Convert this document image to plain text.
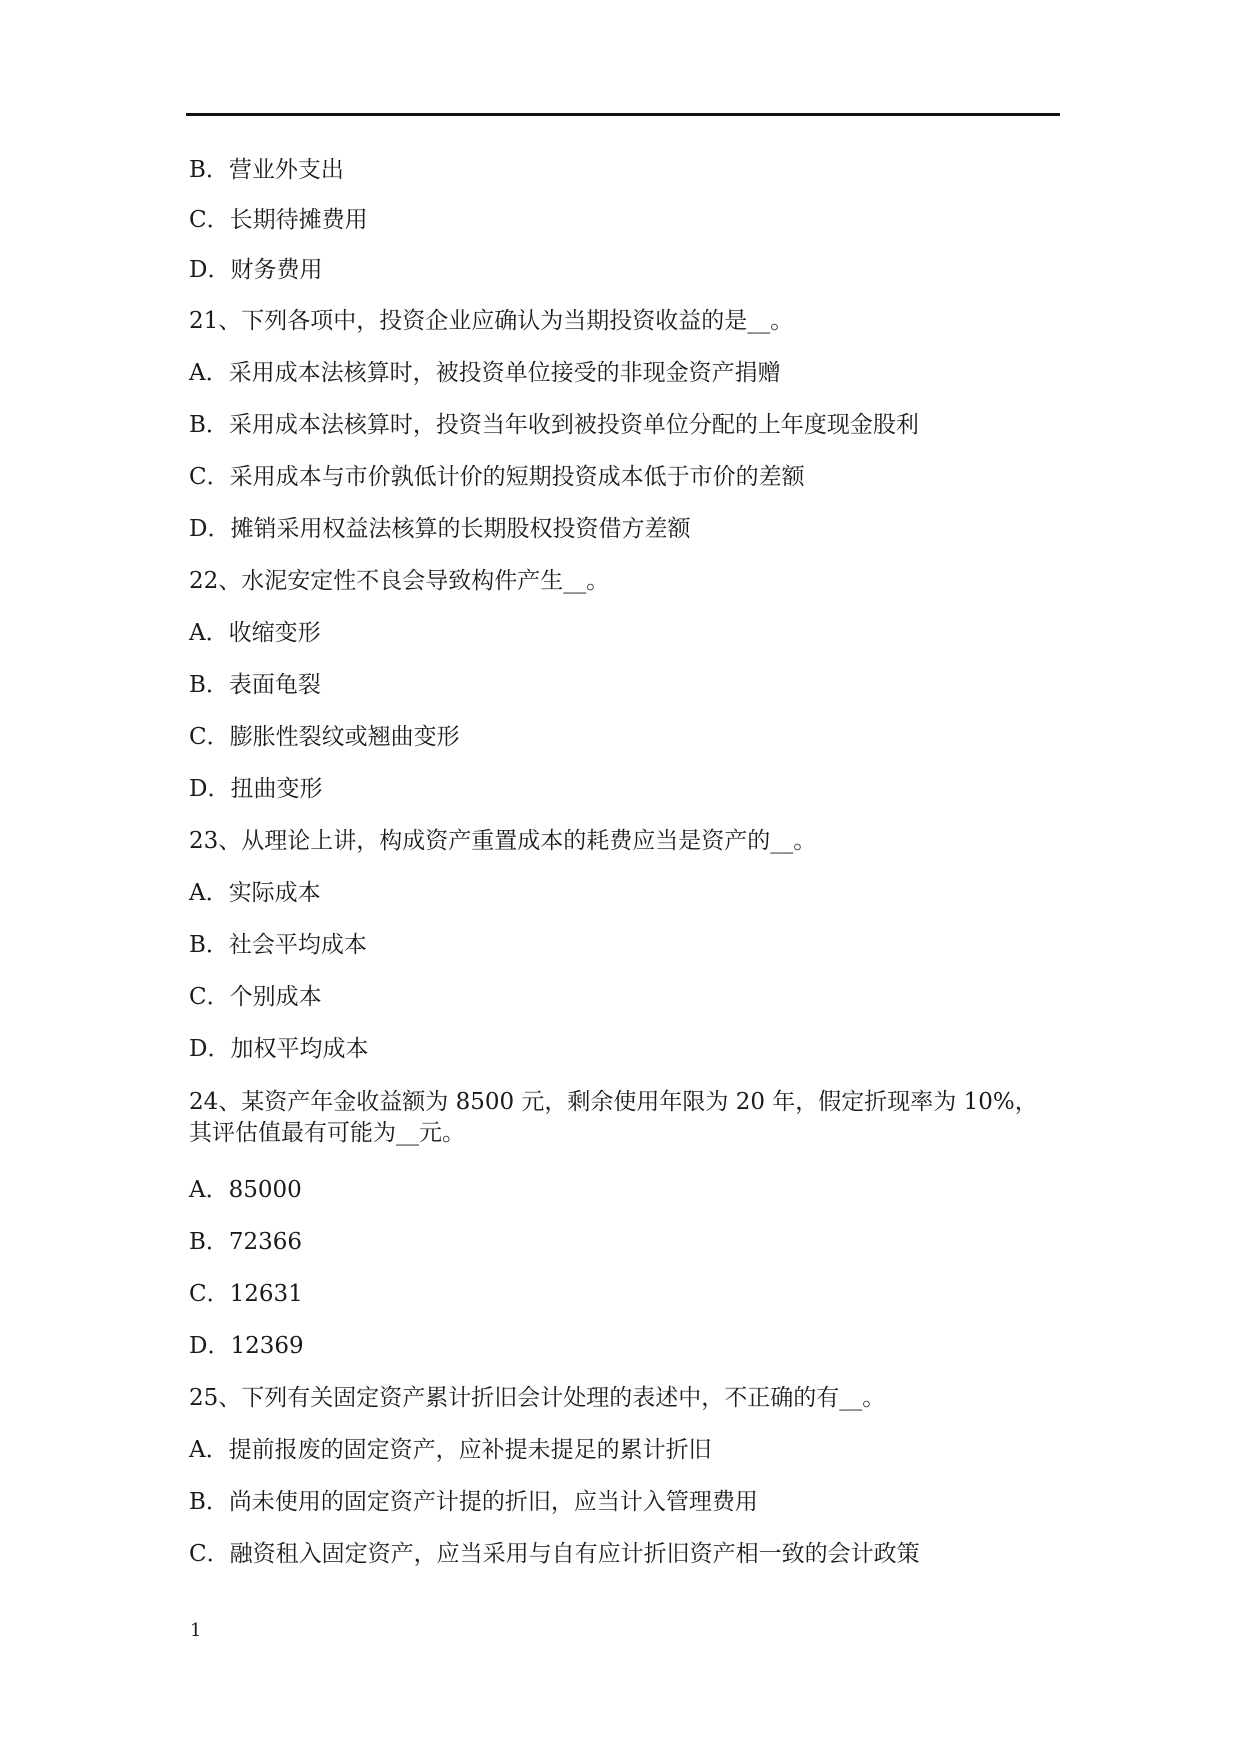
B．营业外支出
C．长期待摊费用
D．财务费用
21、下列各项中，投资企业应确认为当期投资收益的是__。
A．采用成本法核算时，被投资单位接受的非现金资产捐赠
B．采用成本法核算时，投资当年收到被投资单位分配的上年度现金股利
C．采用成本与市价孰低计价的短期投资成本低于市价的差额
D．摊销采用权益法核算的长期股权投资借方差额
22、水泥安定性不良会导致构件产生__。
A．收缩变形
B．表面龟裂
C．膨胀性裂纹或翘曲变形
D．扭曲变形
23、从理论上讲，构成资产重置成本的耗费应当是资产的__。
A．实际成本
B．社会平均成本
C．个别成本
D．加权平均成本
24、某资产年金收益额为 8500 元，剩余使用年限为 20 年，假定折现率为 10%，
其评估值最有可能为__元。
A．85000
B．72366
C．12631
D．12369
25、下列有关固定资产累计折旧会计处理的表述中，不正确的有__。
A．提前报废的固定资产，应补提未提足的累计折旧
B．尚未使用的固定资产计提的折旧，应当计入管理费用
C．融资租入固定资产，应当采用与自有应计折旧资产相一致的会计政策
1
